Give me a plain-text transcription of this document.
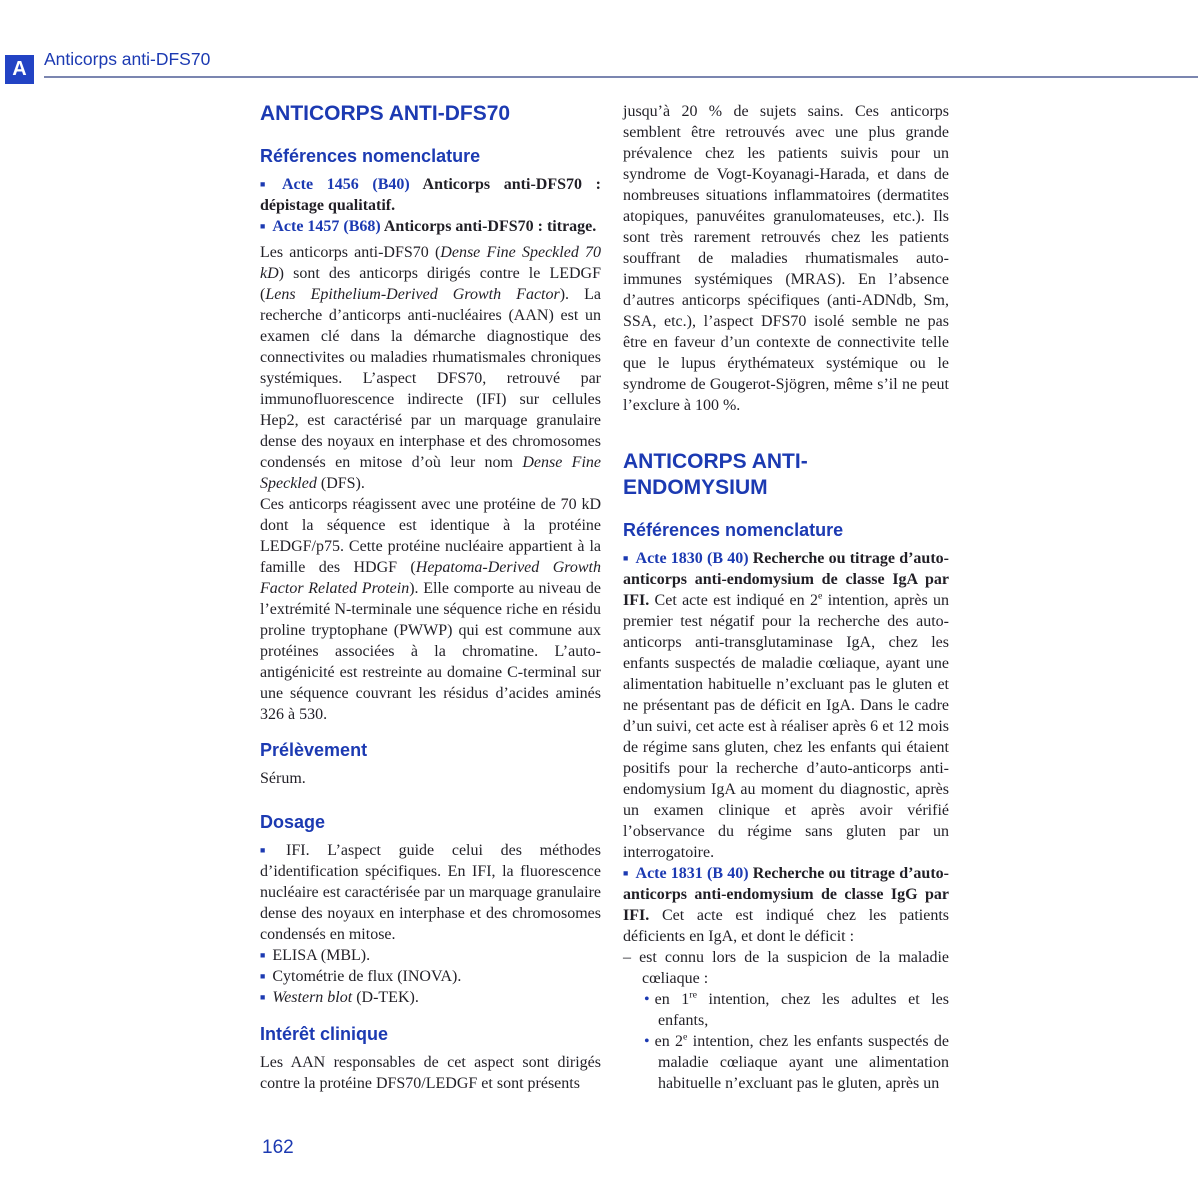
A Anticorps anti-DFS70
ANTICORPS ANTI-DFS70
Références nomenclature

■ Acte 1456 (B40) Anticorps anti-DFS70 : dépistage qualitatif.

■ Acte 1457 (B68) Anticorps anti-DFS70 : titrage.

Les anticorps anti-DFS70 (Dense Fine Speckled 70 kD) sont des anticorps dirigés contre le LEDGF (Lens Epithelium-Derived Growth Factor). La recherche d’anticorps anti-nucléaires (AAN) est un examen clé dans la démarche diagnostique des connectivites ou maladies rhumatismales chroniques systémiques. L’aspect DFS70, retrouvé par immunofluorescence indirecte (IFI) sur cellules Hep2, est caractérisé par un marquage granulaire dense des noyaux en interphase et des chromosomes condensés en mitose d’où leur nom Dense Fine Speckled (DFS).

Ces anticorps réagissent avec une protéine de 70 kD dont la séquence est identique à la protéine LEDGF/p75. Cette protéine nucléaire appartient à la famille des HDGF (Hepatoma-Derived Growth Factor Related Protein). Elle comporte au niveau de l’extrémité N-terminale une séquence riche en résidu proline tryptophane (PWWP) qui est commune aux protéines associées à la chromatine. L’auto-antigénicité est restreinte au domaine C-terminal sur une séquence couvrant les résidus d’acides aminés 326 à 530.

Prélèvement

Sérum.

Dosage

■ IFI. L’aspect guide celui des méthodes d’identification spécifiques. En IFI, la fluorescence nucléaire est caractérisée par un marquage granulaire dense des noyaux en interphase et des chromosomes condensés en mitose.

■ ELISA (MBL).

■ Cytométrie de flux (INOVA).

■ Western blot (D-TEK).

Intérêt clinique

Les AAN responsables de cet aspect sont dirigés contre la protéine DFS70/LEDGF et sont présents

jusqu’à 20 % de sujets sains. Ces anticorps semblent être retrouvés avec une plus grande prévalence chez les patients suivis pour un syndrome de Vogt-Koyanagi-Harada, et dans de nombreuses situations inflammatoires (dermatites atopiques, panuvéites granulomateuses, etc.). Ils sont très rarement retrouvés chez les patients souffrant de maladies rhumatismales auto-immunes systémiques (MRAS). En l’absence d’autres anticorps spécifiques (anti-ADNdb, Sm, SSA, etc.), l’aspect DFS70 isolé semble ne pas être en faveur d’un contexte de connectivite telle que le lupus érythémateux systémique ou le syndrome de Gougerot-Sjögren, même s’il ne peut l’exclure à 100 %.

ANTICORPS ANTI-
ENDOMYSIUM
Références nomenclature

■ Acte 1830 (B 40) Recherche ou titrage d’auto-anticorps anti-endomysium de classe IgA par IFI. Cet acte est indiqué en 2e intention, après un premier test négatif pour la recherche des auto-anticorps anti-transglutaminase IgA, chez les enfants suspectés de maladie cœliaque, ayant une alimentation habituelle n’excluant pas le gluten et ne présentant pas de déficit en IgA. Dans le cadre d’un suivi, cet acte est à réaliser après 6 et 12 mois de régime sans gluten, chez les enfants qui étaient positifs pour la recherche d’auto-anticorps anti-endomysium IgA au moment du diagnostic, après un examen clinique et après avoir vérifié l’observance du régime sans gluten par un interrogatoire.

■ Acte 1831 (B 40) Recherche ou titrage d’auto-anticorps anti-endomysium de classe IgG par IFI. Cet acte est indiqué chez les patients déficients en IgA, et dont le déficit :

– est connu lors de la suspicion de la maladie cœliaque :

• en 1re intention, chez les adultes et les enfants,

• en 2e intention, chez les enfants suspectés de maladie cœliaque ayant une alimentation habituelle n’excluant pas le gluten, après un

162
